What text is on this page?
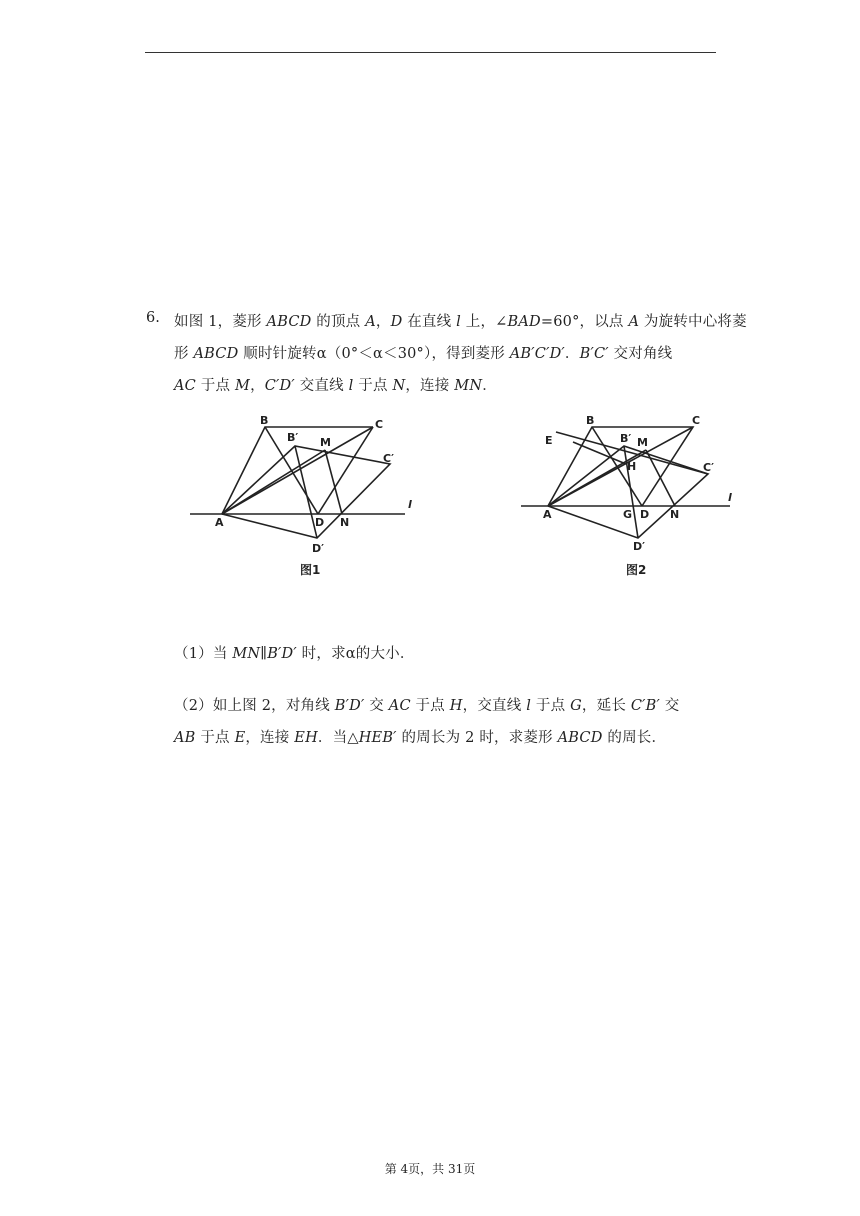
6. 如图 1，菱形 ABCD 的顶点 A，D 在直线 l 上，∠BAD=60°，以点 A 为旋转中心将菱
形 ABCD 顺时针旋转α（0°＜α＜30°），得到菱形 AB′C′D′．B′C′ 交对角线
AC 于点 M，C′D′ 交直线 l 于点 N，连接 MN．
B	C
B′ M
C′
l
A	D N
D′
图1
B	C
E	B′ M
H	C′
l
A	G D N
D′
图2
（1）当 MN∥B′D′ 时，求α的大小．
（2）如上图 2，对角线 B′D′ 交 AC 于点 H，交直线 l 于点 G，延长 C′B′ 交
AB 于点 E，连接 EH．当△HEB′ 的周长为 2 时，求菱形 ABCD 的周长．
第 4页，共 31页
